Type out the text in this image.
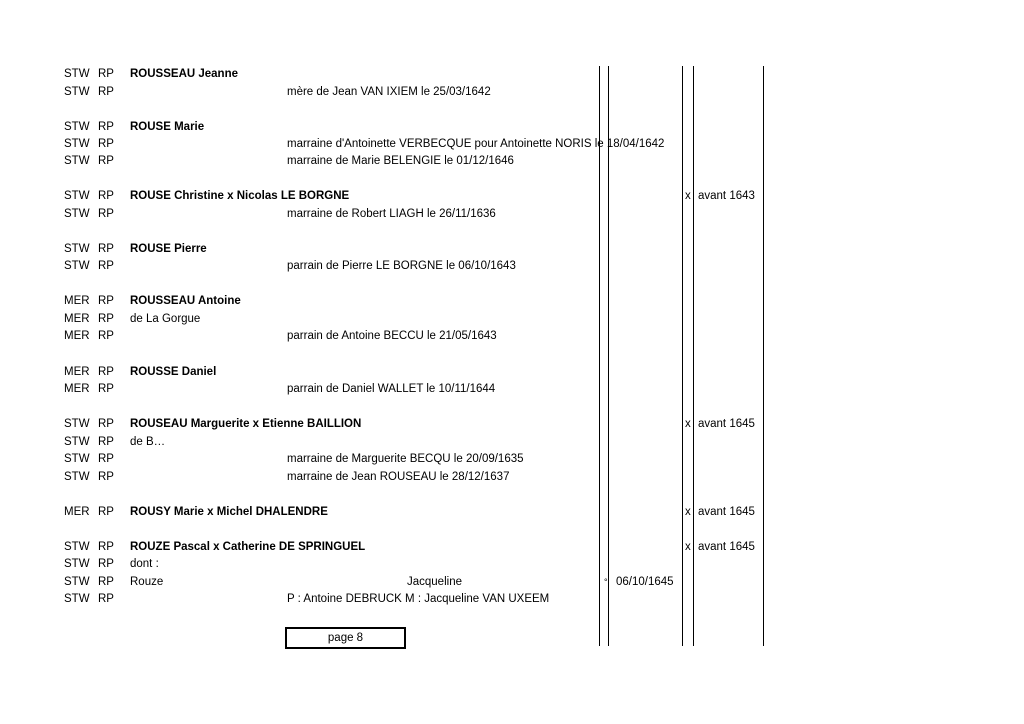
STW RP ROUSSEAU Jeanne
STW RP	mère de Jean VAN IXIEM le 25/03/1642
STW RP ROUSE Marie
STW RP	marraine d'Antoinette VERBECQUE pour Antoinette NORIS le 18/04/1642
STW RP	marraine de Marie BELENGIE le 01/12/1646
STW RP ROUSE Christine x Nicolas LE BORGNE	x avant 1643
STW RP	marraine de Robert LIAGH le 26/11/1636
STW RP ROUSE Pierre
STW RP	parrain de Pierre LE BORGNE le 06/10/1643
MER RP ROUSSEAU Antoine
MER RP de La Gorgue
MER RP	parrain de Antoine BECCU le 21/05/1643
MER RP ROUSSE Daniel
MER RP	parrain de Daniel WALLET le 10/11/1644
STW RP ROUSEAU Marguerite x Etienne BAILLION	x avant 1645
STW RP de B…
STW RP	marraine de Marguerite BECQU le 20/09/1635
STW RP	marraine de Jean ROUSEAU le 28/12/1637
MER RP ROUSY Marie x Michel DHALENDRE	x avant 1645
STW RP ROUZE Pascal x Catherine DE SPRINGUEL	x avant 1645
STW RP dont :
STW RP Rouze	Jacqueline	° 06/10/1645
STW RP	P : Antoine DEBRUCK M : Jacqueline VAN UXEEM
page 8
